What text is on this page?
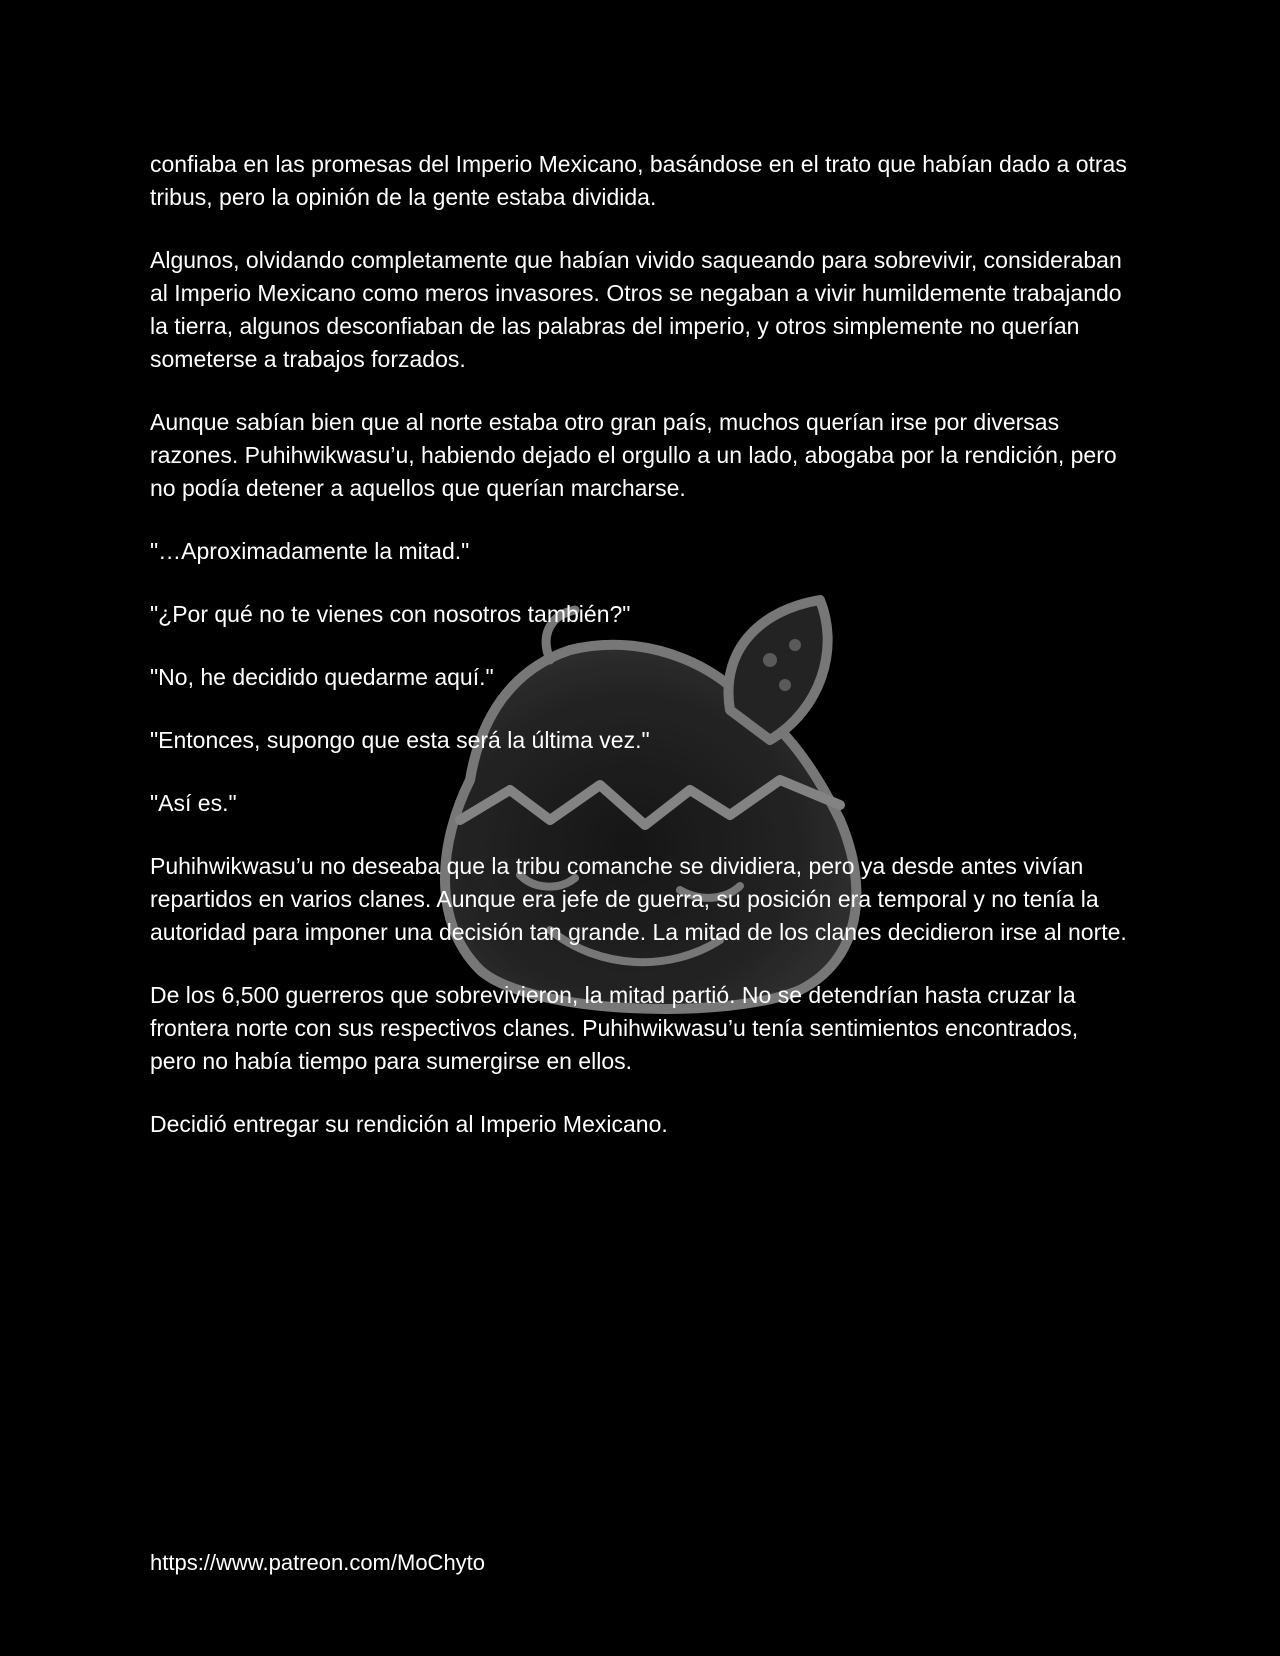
confiaba en las promesas del Imperio Mexicano, basándose en el trato que habían dado a otras tribus, pero la opinión de la gente estaba dividida.

Algunos, olvidando completamente que habían vivido saqueando para sobrevivir, consideraban al Imperio Mexicano como meros invasores. Otros se negaban a vivir humildemente trabajando la tierra, algunos desconfiaban de las palabras del imperio, y otros simplemente no querían someterse a trabajos forzados.

Aunque sabían bien que al norte estaba otro gran país, muchos querían irse por diversas razones. Puhihwikwasu’u, habiendo dejado el orgullo a un lado, abogaba por la rendición, pero no podía detener a aquellos que querían marcharse.

"…Aproximadamente la mitad."

"¿Por qué no te vienes con nosotros también?"

"No, he decidido quedarme aquí."

"Entonces, supongo que esta será la última vez."

"Así es."

Puhihwikwasu’u no deseaba que la tribu comanche se dividiera, pero ya desde antes vivían repartidos en varios clanes. Aunque era jefe de guerra, su posición era temporal y no tenía la autoridad para imponer una decisión tan grande. La mitad de los clanes decidieron irse al norte.

De los 6,500 guerreros que sobrevivieron, la mitad partió. No se detendrían hasta cruzar la frontera norte con sus respectivos clanes. Puhihwikwasu’u tenía sentimientos encontrados, pero no había tiempo para sumergirse en ellos.

Decidió entregar su rendición al Imperio Mexicano.

https://www.patreon.com/MoChyto
